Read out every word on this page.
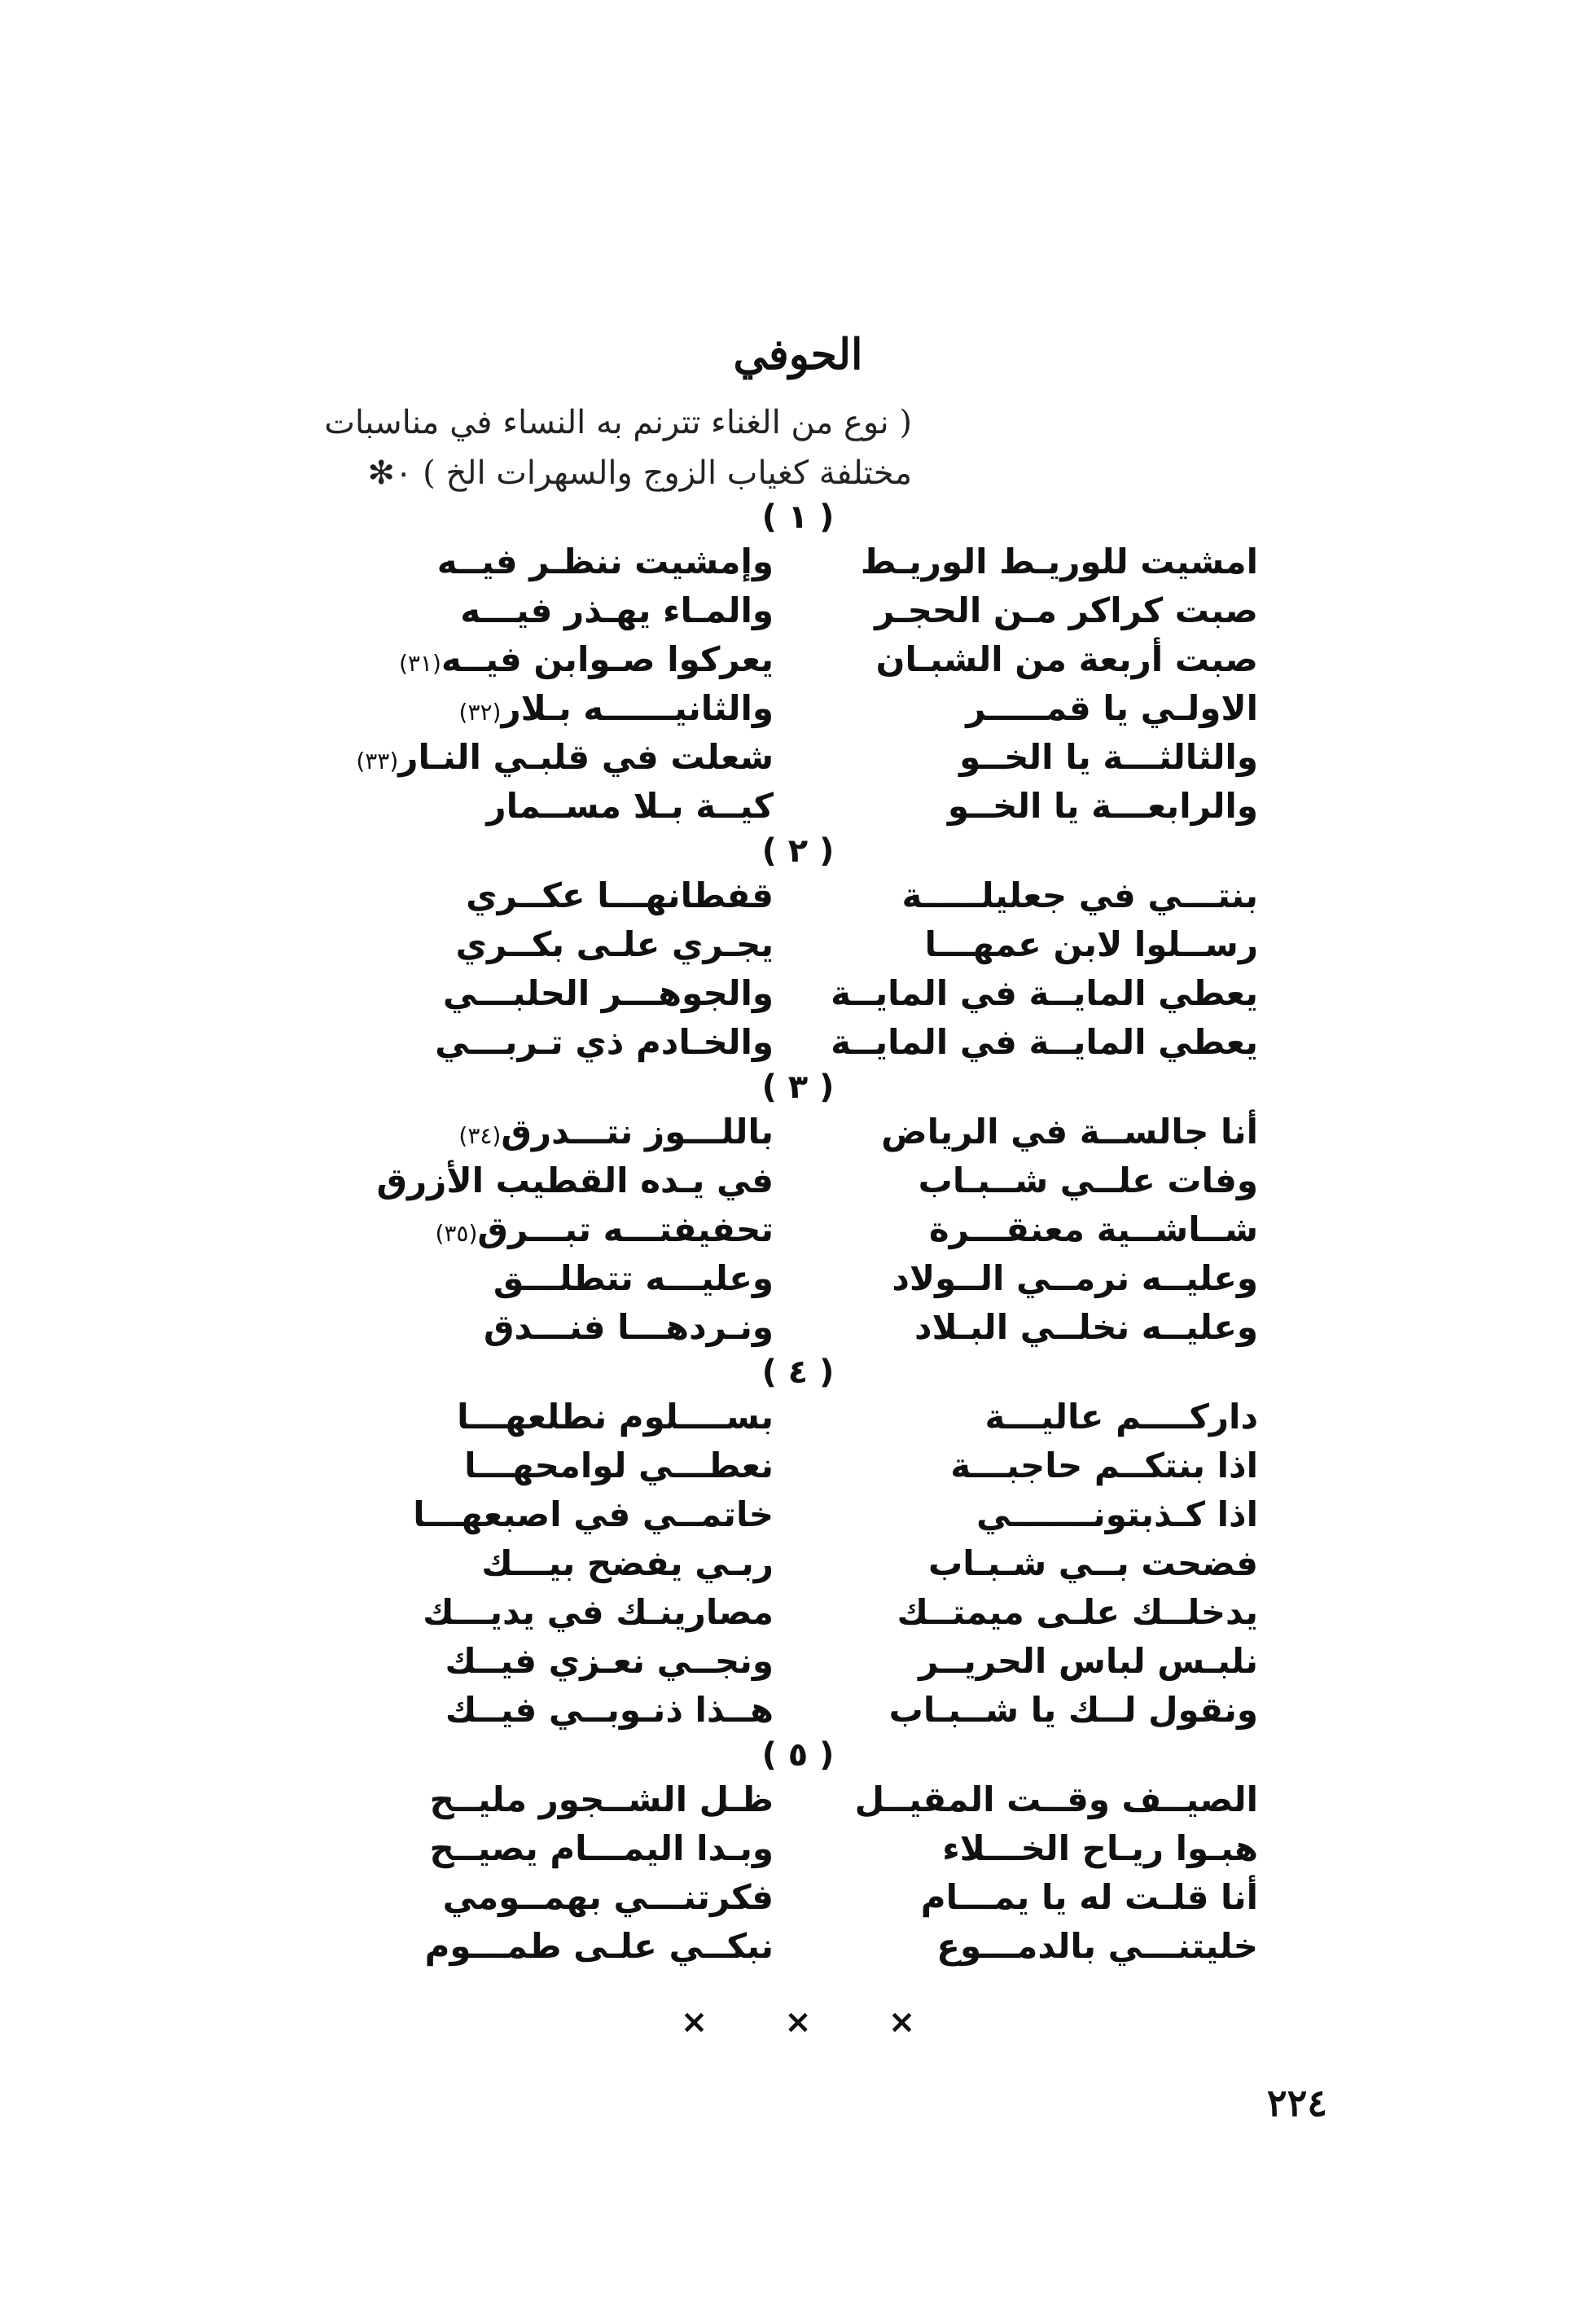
الحوفي
( نوع من الغناء تترنم به النساء في مناسبات
مختلفة كغياب الزوج والسهرات الخ ) ٠✻
( ١ )
امشيت للوريـط الوريـط
وإمشيت ننظـر فيــه
صبت كراكر مـن الحجـر
والمـاء يهـذر فيـــه
صبت أربعة من الشبـان
يعركوا صـوابن فيــه(٣١)
الاولـي يا قمـــــر
والثانيــــــه بـلار(٣٢)
والثالثـــة يا الخــو
شعلت في قلبـي النـار(٣٣)
والرابعـــة يا الخــو
كيــة بـلا مســمار
( ٢ )
بنتـــي في جعليلـــــة
قفطانهـــا عكــري
رســلوا لابن عمهـــا
يجـري علـى بكــري
يعطي المايــة في المايــة
والجوهـــر الحلبـــي
يعطي المايــة في المايــة
والخـادم ذي تـربـــي
( ٣ )
أنا جالســة في الرياض
باللـــوز نتـــدرق(٣٤)
وفات علــي شــبـاب
في يـده القطيب الأزرق
شــاشــية معنقـــرة
تحفيفتـــه تبـــرق(٣٥)
وعليــه نرمــي الــولاد
وعليـــه تتطلـــق
وعليــه نخلــي البـلاد
ونـردهـــا فنـــدق
( ٤ )
داركــــم عاليـــة
بســــلوم نطلعهـــا
اذا بنتكــم حاجبـــة
نعطـــي لوامحهـــا
اذا كـذبتونـــــــي
خاتمــي في اصبعهـــا
فضحت بــي شـبـاب
ربـي يفضح بيـــك
يدخلــك علـى ميمتــك
مصارينـك في يديـــك
نلبـس لباس الحريــر
ونجــي نعـزي فيــك
ونقول لــك يا شــبـاب
هــذا ذنـوبــي فيــك
( ٥ )
الصيــف وقــت المقيــل
ظـل الشــجور مليــح
هبـوا ريـاح الخـــلاء
وبـدا اليمـــام يصيــح
أنا قلـت له يا يمـــام
فكرتنـــي بهمــومي
خليتنـــي بالدمـــوع
نبكــي علـى طمـــوم
× × ×
٢٢٤
